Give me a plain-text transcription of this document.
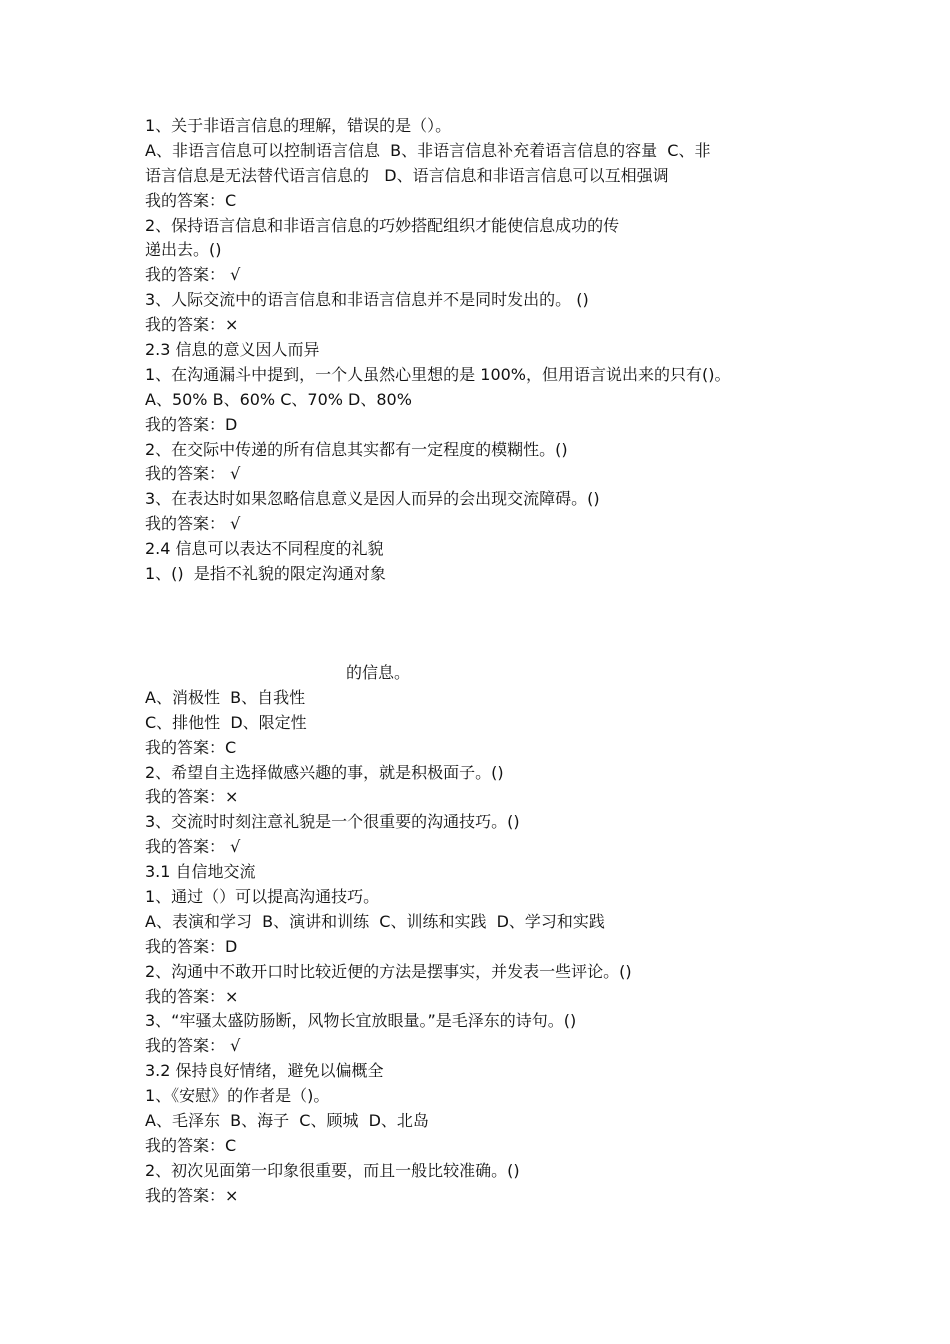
1、关于非语言信息的理解，错误的是（）。
A、非语言信息可以控制语言信息  B、非语言信息补充着语言信息的容量  C、非
语言信息是无法替代语言信息的   D、语言信息和非语言信息可以互相强调
我的答案：C
2、保持语言信息和非语言信息的巧妙搭配组织才能使信息成功的传
递出去。()
我的答案： √
3、人际交流中的语言信息和非语言信息并不是同时发出的。 ()
我的答案：×
2.3 信息的意义因人而异
1、在沟通漏斗中提到，一个人虽然心里想的是 100%，但用语言说出来的只有()。
A、50% B、60% C、70% D、80%
我的答案：D
2、在交际中传递的所有信息其实都有一定程度的模糊性。()
我的答案： √
3、在表达时如果忽略信息意义是因人而异的会出现交流障碍。()
我的答案： √
2.4 信息可以表达不同程度的礼貌
1、()  是指不礼貌的限定沟通对象
的信息。
A、消极性  B、自我性
C、排他性  D、限定性
我的答案：C
2、希望自主选择做感兴趣的事，就是积极面子。()
我的答案：×
3、交流时时刻注意礼貌是一个很重要的沟通技巧。()
我的答案： √
3.1 自信地交流
1、通过（）可以提高沟通技巧。
A、表演和学习  B、演讲和训练  C、训练和实践  D、学习和实践
我的答案：D
2、沟通中不敢开口时比较近便的方法是摆事实，并发表一些评论。()
我的答案：×
3、“牢骚太盛防肠断，风物长宜放眼量。”是毛泽东的诗句。()
我的答案： √
3.2 保持良好情绪，避免以偏概全
1、《安慰》的作者是（)。
A、毛泽东  B、海子  C、顾城  D、北岛
我的答案：C
2、初次见面第一印象很重要，而且一般比较准确。()
我的答案：×
